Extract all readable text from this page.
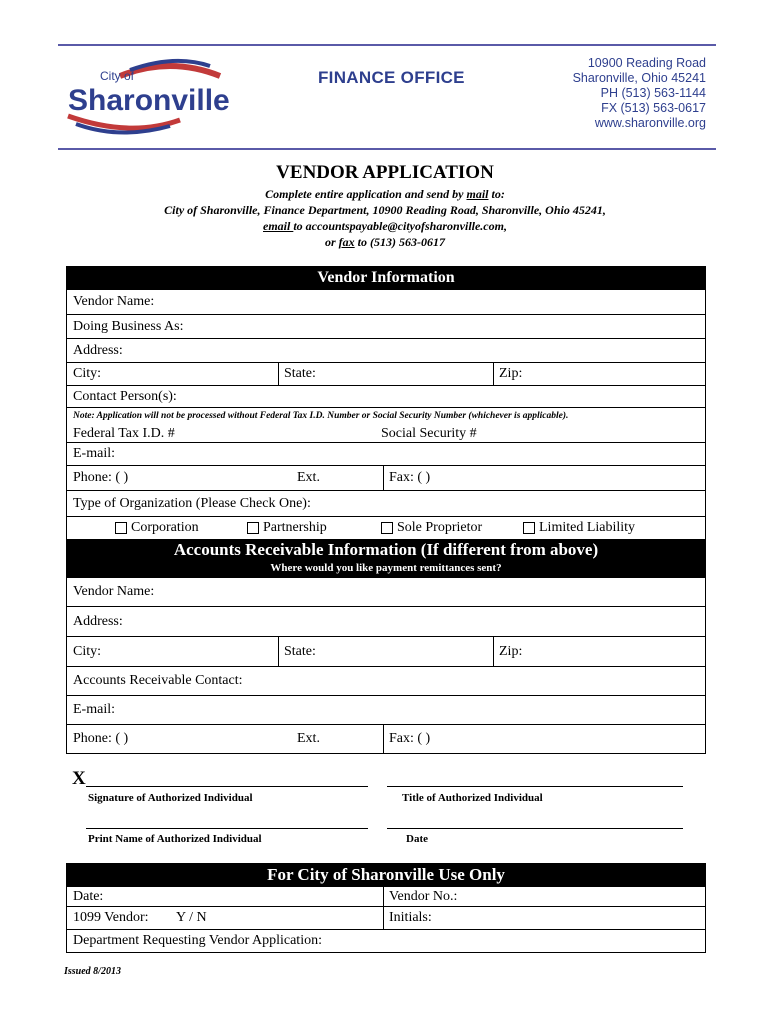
City of
Sharonville
FINANCE OFFICE
10900 Reading Road
Sharonville, Ohio 45241
PH (513) 563-1144
FX (513) 563-0617
www.sharonville.org
VENDOR APPLICATION
Complete entire application and send by mail to:
City of Sharonville, Finance Department, 10900 Reading Road, Sharonville, Ohio 45241,
email to accountspayable@cityofsharonville.com,
or fax to (513) 563-0617
Vendor Information
Vendor Name:
Doing Business As:
Address:
City:	State:	Zip:
Contact Person(s):
Note: Application will not be processed without Federal Tax I.D. Number or Social Security Number (whichever is applicable).
Federal Tax I.D. #	Social Security #
E-mail:
Phone: ( )	Ext.	Fax: ( )
Type of Organization (Please Check One):
Corporation	Partnership	Sole Proprietor	Limited Liability
Accounts Receivable Information (If different from above)
Where would you like payment remittances sent?
Vendor Name:
Address:
City:	State:	Zip:
Accounts Receivable Contact:
E-mail:
Phone: ( )	Ext.	Fax: ( )
X
Signature of Authorized Individual	Title of Authorized Individual
Print Name of Authorized Individual	Date
For City of Sharonville Use Only
Date:	Vendor No.:
1099 Vendor:        Y / N	Initials:
Department Requesting Vendor Application:
Issued 8/2013
